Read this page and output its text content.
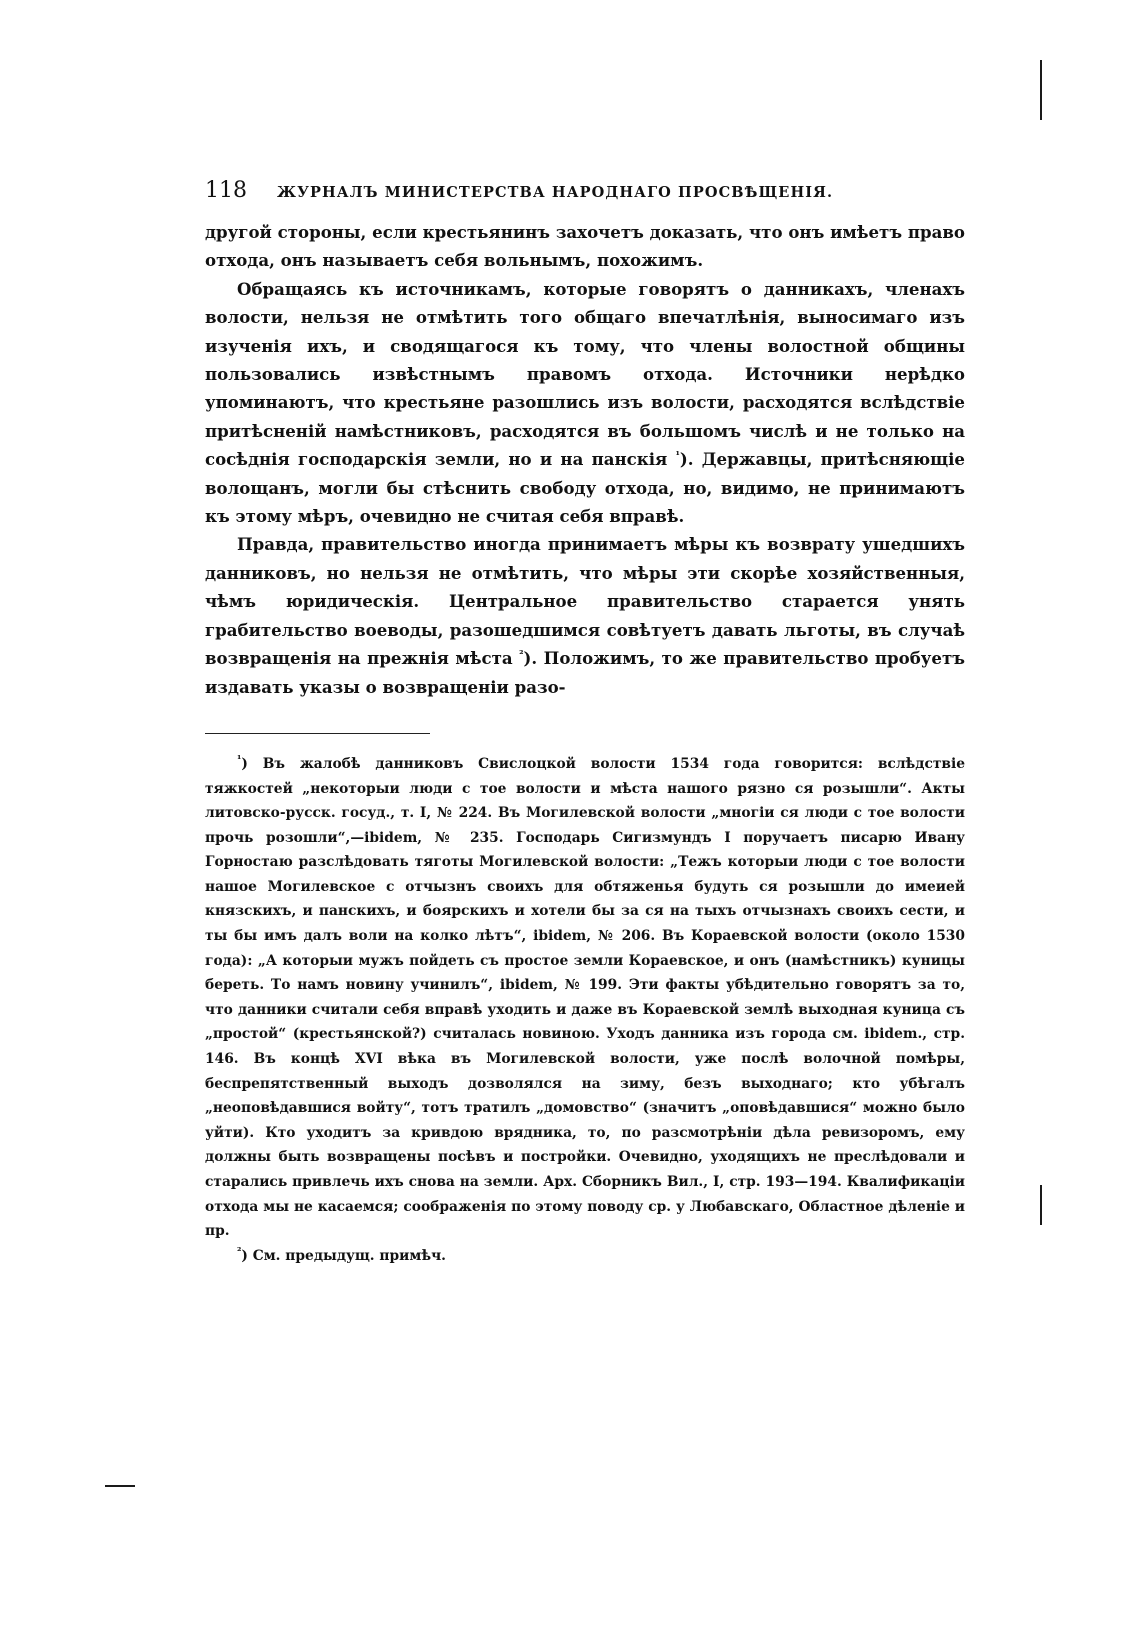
118 ЖУРНАЛЪ МИНИСТЕРСТВА НАРОДНАГО ПРОСВѢЩЕНІЯ.

другой стороны, если крестьянинъ захочетъ доказать, что онъ имѣетъ право отхода, онъ называетъ себя вольнымъ, похожимъ.

Обращаясь къ источникамъ, которые говорятъ о данникахъ, членахъ волости, нельзя не отмѣтить того общаго впечатлѣнія, выносимаго изъ изученія ихъ, и сводящагося къ тому, что члены волостной общины пользовались извѣстнымъ правомъ отхода. Источники нерѣдко упоминаютъ, что крестьяне разошлись изъ волости, расходятся вслѣдствіе притѣсненій намѣстниковъ, расходятся въ большомъ числѣ и не только на сосѣднія господарскія земли, но и на панскія $^{^1}$). Державцы, притѣсняющіе волощанъ, могли бы стѣснить свободу отхода, но, видимо, не принимаютъ къ этому мѣръ, очевидно не считая себя вправѣ.

Правда, правительство иногда принимаетъ мѣры къ возврату ушедшихъ данниковъ, но нельзя не отмѣтить, что мѣры эти скорѣе хозяйственныя, чѣмъ юридическія. Центральное правительство старается унять грабительство воеводы, разошедшимся совѣтуетъ давать льготы, въ случаѣ возвращенія на прежнія мѣста $^{^2}$). Положимъ, то же правительство пробуетъ издавать указы о возвращеніи разо-

$^{^1}$) Въ жалобѣ данниковъ Свислоцкой волости 1534 года говорится: вслѣдствіе тяжкостей „некоторыи люди с тое волости и мѣста нашого рязно ся розышли“. Акты литовско-русск. госуд., т. I, № 224. Въ Могилевской волости „многіи ся люди с тое волости прочь розошли“,—ibidem, № 235. Господарь Сигизмундъ I поручаетъ писарю Ивану Горностаю разслѣдовать тяготы Могилевской волости: „Тежъ которыи люди с тое волости нашое Могилевское с отчызнъ своихъ для обтяженья будуть ся розышли до имеией князскихъ, и панскихъ, и боярскихъ и хотели бы за ся на тыхъ отчызнахъ своихъ сести, и ты бы имъ далъ воли на колко лѣтъ“, ibidem, № 206. Въ Кораевской волости (около 1530 года): „А которыи мужъ пойдеть съ простое земли Кораевское, и онъ (намѣстникъ) куницы береть. То намъ новину учинилъ“, ibidem, № 199. Эти факты убѣдительно говорятъ за то, что данники считали себя вправѣ уходить и даже въ Кораевской землѣ выходная куница съ „простой“ (крестьянской?) считалась новиною. Уходъ данника изъ города см. ibidem., стр. 146. Въ концѣ XVI вѣка въ Могилевской волости, уже послѣ волочной помѣры, беспрепятственный выходъ дозволялся на зиму, безъ выходнаго; кто убѣгалъ „неоповѣдавшися войту“, тотъ тратилъ „домовство“ (значитъ „оповѣдавшися“ можно было уйти). Кто уходитъ за кривдою врядника, то, по разсмотрѣніи дѣла ревизоромъ, ему должны быть возвращены посѣвъ и постройки. Очевидно, уходящихъ не преслѣдовали и старались привлечь ихъ снова на земли. Арх. Сборникъ Вил., I, стр. 193—194. Квалификаціи отхода мы не касаемся; соображенія по этому поводу ср. у Любавскаго, Областное дѣленіе и пр.

$^{^2}$) См. предыдущ. примѣч.
